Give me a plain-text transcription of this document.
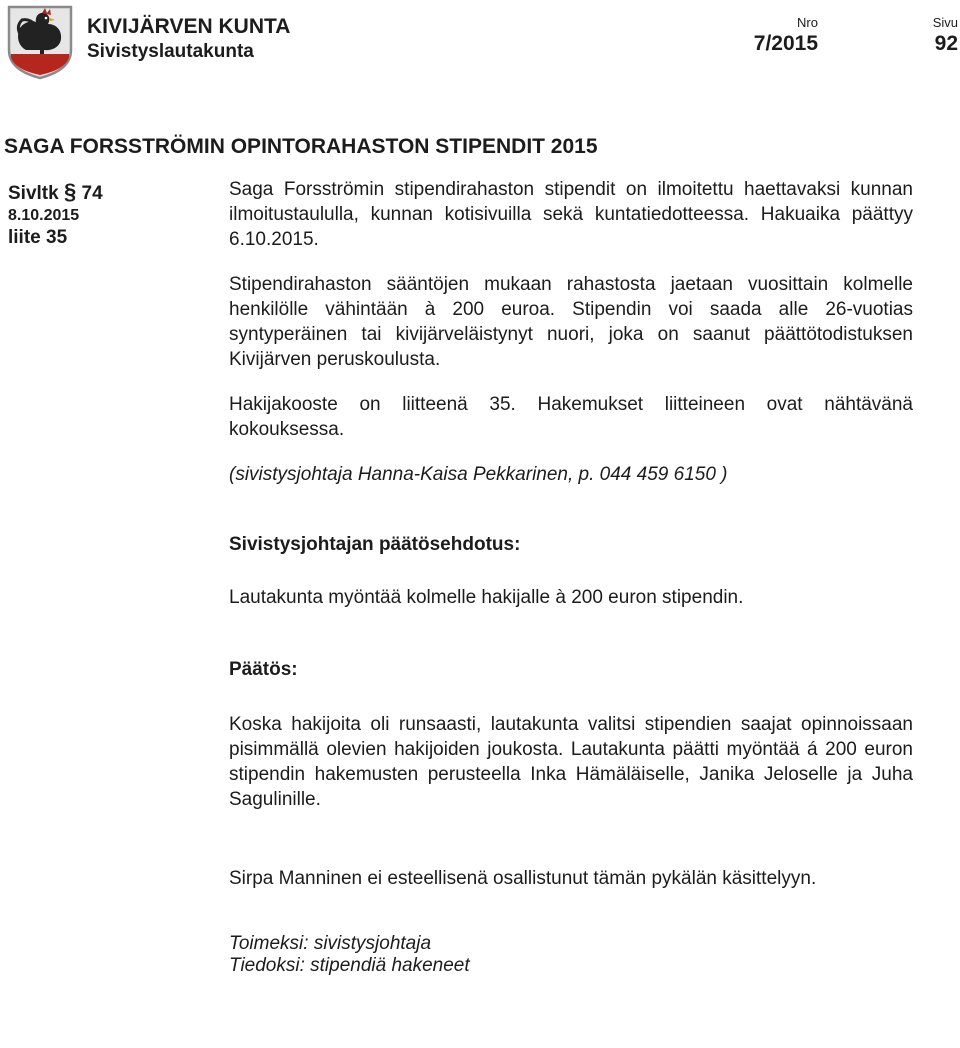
KIVIJÄRVEN KUNTA
Sivistyslautakunta
Nro
7/2015
Sivu
92
SAGA FORSSTRÖMIN OPINTORAHASTON STIPENDIT 2015
Sivltk § 74
8.10.2015
liite 35

Saga Forsströmin stipendirahaston stipendit on ilmoitettu haettavaksi kunnan ilmoitustaululla, kunnan kotisivuilla sekä kuntatiedotteessa. Hakuaika päättyy 6.10.2015.

Stipendirahaston sääntöjen mukaan rahastosta jaetaan vuosittain kolmelle henkilölle vähintään à 200 euroa. Stipendin voi saada alle 26-vuotias syntyperäinen tai kivijärveläistynyt nuori, joka on saanut päättötodistuksen Kivijärven peruskoulusta.

Hakijakooste on liitteenä 35. Hakemukset liitteineen ovat nähtävänä kokouksessa.

(sivistysjohtaja Hanna-Kaisa Pekkarinen, p. 044 459 6150 )

Sivistysjohtajan päätösehdotus:

Lautakunta myöntää kolmelle hakijalle à 200 euron stipendin.

Päätös:

Koska hakijoita oli runsaasti, lautakunta valitsi stipendien saajat opinnoissaan pisimmällä olevien hakijoiden joukosta. Lautakunta päätti myöntää á 200 euron stipendin hakemusten perusteella Inka Hämäläiselle, Janika Jeloselle ja Juha Sagulinille.

Sirpa Manninen ei esteellisenä osallistunut tämän pykälän käsittelyyn.

Toimeksi: sivistysjohtaja

Tiedoksi: stipendiä hakeneet
